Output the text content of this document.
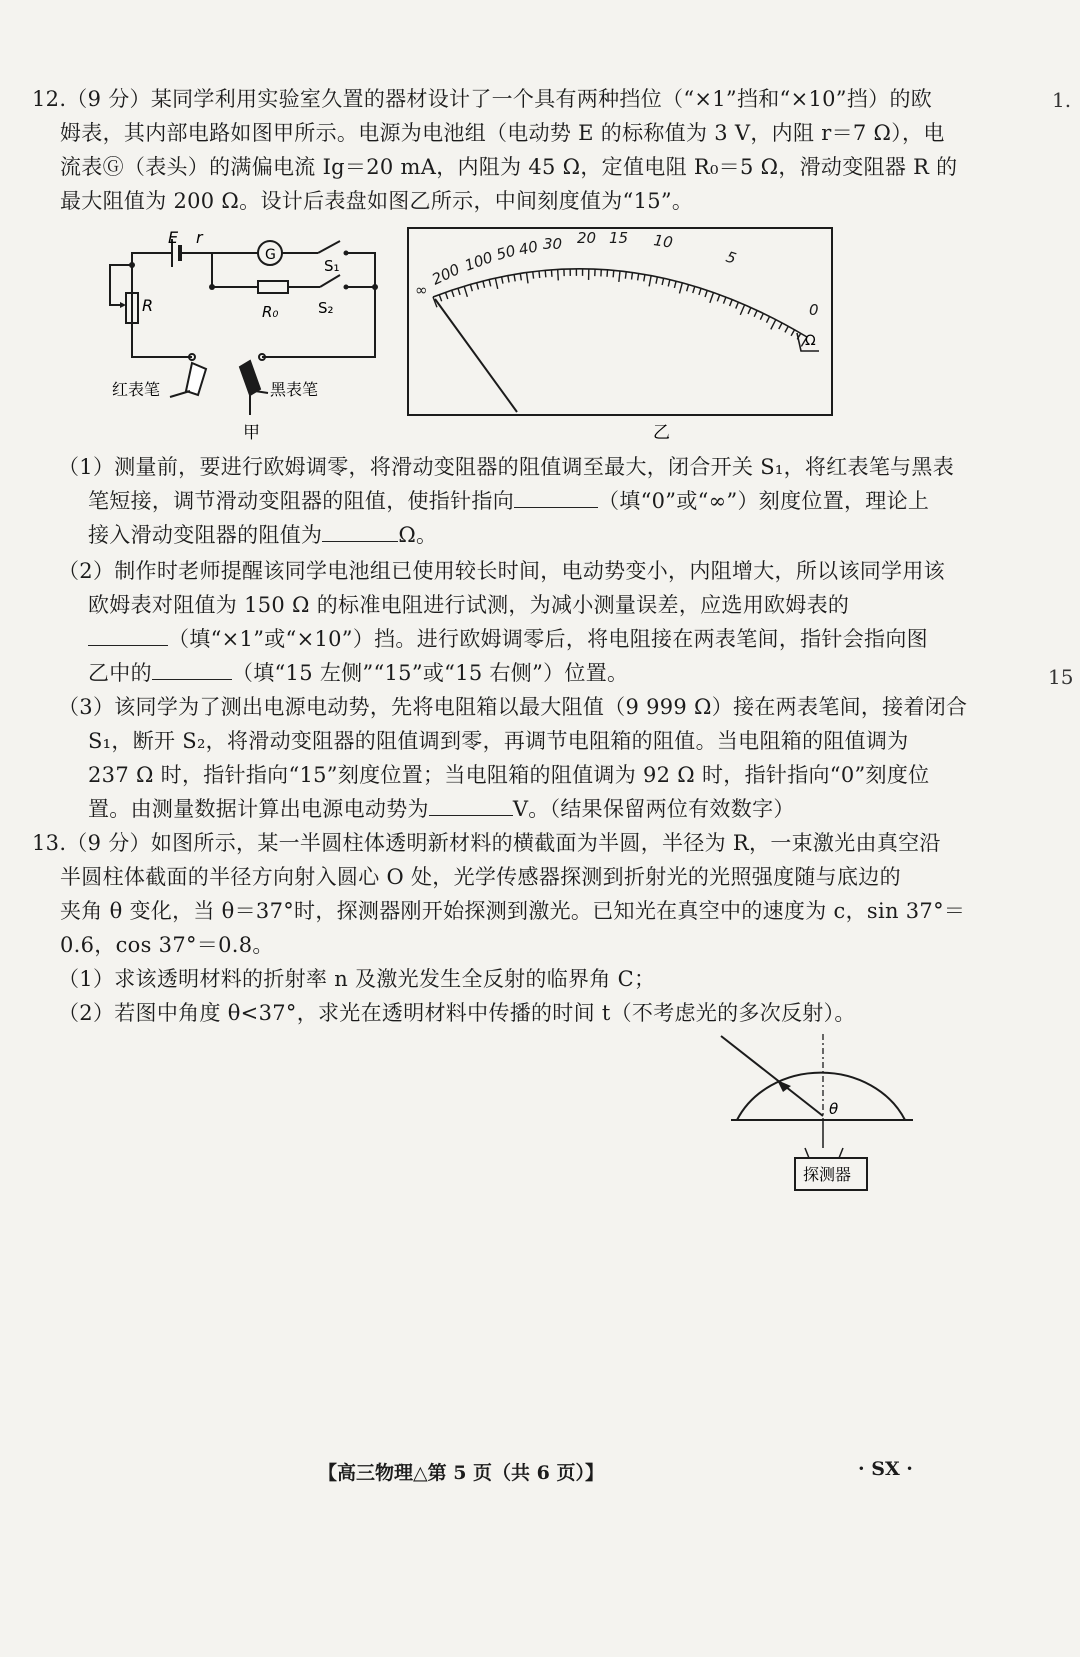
1.
15
12.（9 分）某同学利用实验室久置的器材设计了一个具有两种挡位（“×1”挡和“×10”挡）的欧
姆表，其内部电路如图甲所示。电源为电池组（电动势 E 的标称值为 3 V，内阻 r＝7 Ω），电
流表Ⓖ（表头）的满偏电流 Ig＝20 mA，内阻为 45 Ω，定值电阻 R₀＝5 Ω，滑动变阻器 R 的
最大阻值为 200 Ω。设计后表盘如图乙所示，中间刻度值为“15”。
E r
G
S₁
S₂
R	R₀
红表笔	黑表笔
甲
∞
200 100 50 40 30 20 15 10
5
0
Ω
乙
（1）测量前，要进行欧姆调零，将滑动变阻器的阻值调至最大，闭合开关 S₁，将红表笔与黑表
笔短接，调节滑动变阻器的阻值，使指针指向	（填“0”或“∞”）刻度位置，理论上
接入滑动变阻器的阻值为	Ω。
（2）制作时老师提醒该同学电池组已使用较长时间，电动势变小，内阻增大，所以该同学用该
欧姆表对阻值为 150 Ω 的标准电阻进行试测，为减小测量误差，应选用欧姆表的
（填“×1”或“×10”）挡。进行欧姆调零后，将电阻接在两表笔间，指针会指向图
乙中的	（填“15 左侧”“15”或“15 右侧”）位置。
（3）该同学为了测出电源电动势，先将电阻箱以最大阻值（9 999 Ω）接在两表笔间，接着闭合
S₁，断开 S₂，将滑动变阻器的阻值调到零，再调节电阻箱的阻值。当电阻箱的阻值调为
237 Ω 时，指针指向“15”刻度位置；当电阻箱的阻值调为 92 Ω 时，指针指向“0”刻度位
置。由测量数据计算出电源电动势为	V。（结果保留两位有效数字）
13.（9 分）如图所示，某一半圆柱体透明新材料的横截面为半圆，半径为 R，一束激光由真空沿
半圆柱体截面的半径方向射入圆心 O 处，光学传感器探测到折射光的光照强度随与底边的
夹角 θ 变化，当 θ＝37°时，探测器刚开始探测到激光。已知光在真空中的速度为 c，sin 37°＝
0.6，cos 37°＝0.8。
（1）求该透明材料的折射率 n 及激光发生全反射的临界角 C；
（2）若图中角度 θ<37°，求光在透明材料中传播的时间 t（不考虑光的多次反射）。
θ
探测器
【高三物理△第 5 页（共 6 页）】	· SX ·
